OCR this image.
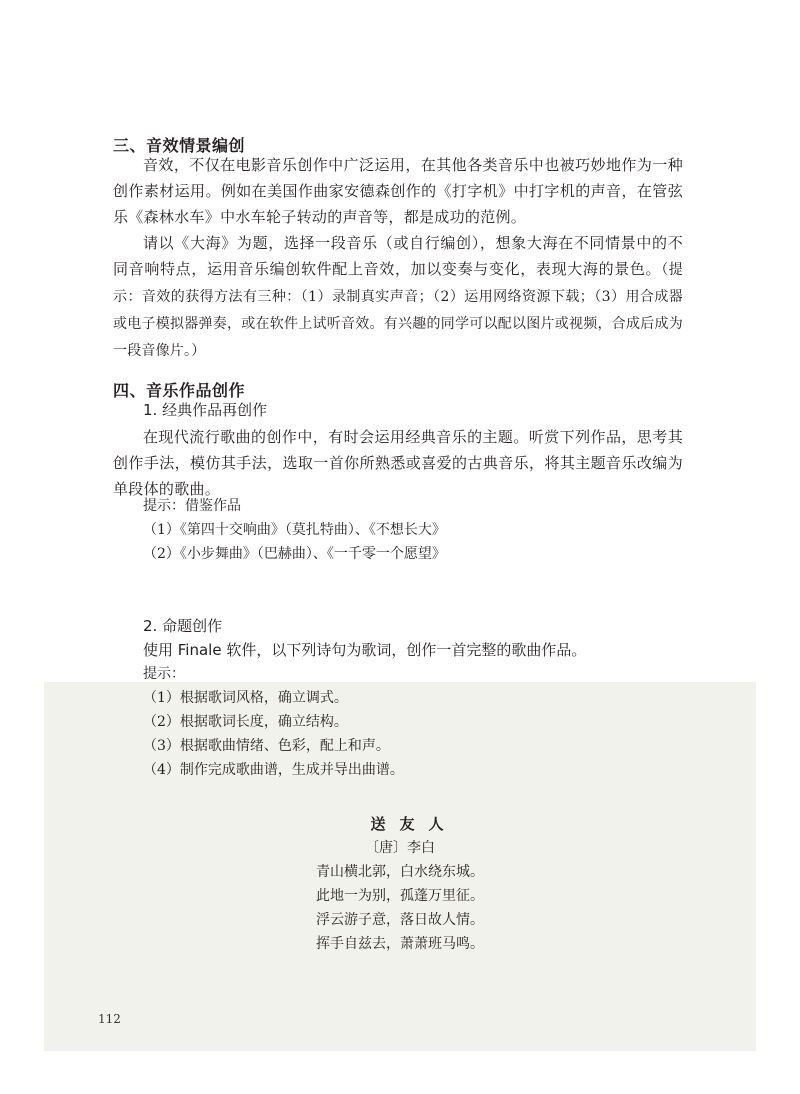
三、音效情景编创
音效，不仅在电影音乐创作中广泛运用，在其他各类音乐中也被巧妙地作为一种创作素材运用。例如在美国作曲家安德森创作的《打字机》中打字机的声音，在管弦乐《森林水车》中水车轮子转动的声音等，都是成功的范例。
请以《大海》为题，选择一段音乐（或自行编创），想象大海在不同情景中的不同音响特点，运用音乐编创软件配上音效，加以变奏与变化，表现大海的景色。（提示：音效的获得方法有三种：（1）录制真实声音；（2）运用网络资源下载；（3）用合成器或电子模拟器弹奏，或在软件上试听音效。有兴趣的同学可以配以图片或视频，合成后成为一段音像片。）
四、音乐作品创作
1. 经典作品再创作
在现代流行歌曲的创作中，有时会运用经典音乐的主题。听赏下列作品，思考其创作手法，模仿其手法，选取一首你所熟悉或喜爱的古典音乐，将其主题音乐改编为单段体的歌曲。
提示：借鉴作品
（1）《第四十交响曲》（莫扎特曲）、《不想长大》
（2）《小步舞曲》（巴赫曲）、《一千零一个愿望》
2. 命题创作
使用 Finale 软件，以下列诗句为歌词，创作一首完整的歌曲作品。
提示：
（1）根据歌词风格，确立调式。
（2）根据歌词长度，确立结构。
（3）根据歌曲情绪、色彩，配上和声。
（4）制作完成歌曲谱，生成并导出曲谱。
送友人
〔唐〕李白
青山横北郭，白水绕东城。
此地一为别，孤蓬万里征。
浮云游子意，落日故人情。
挥手自兹去，萧萧班马鸣。
112
